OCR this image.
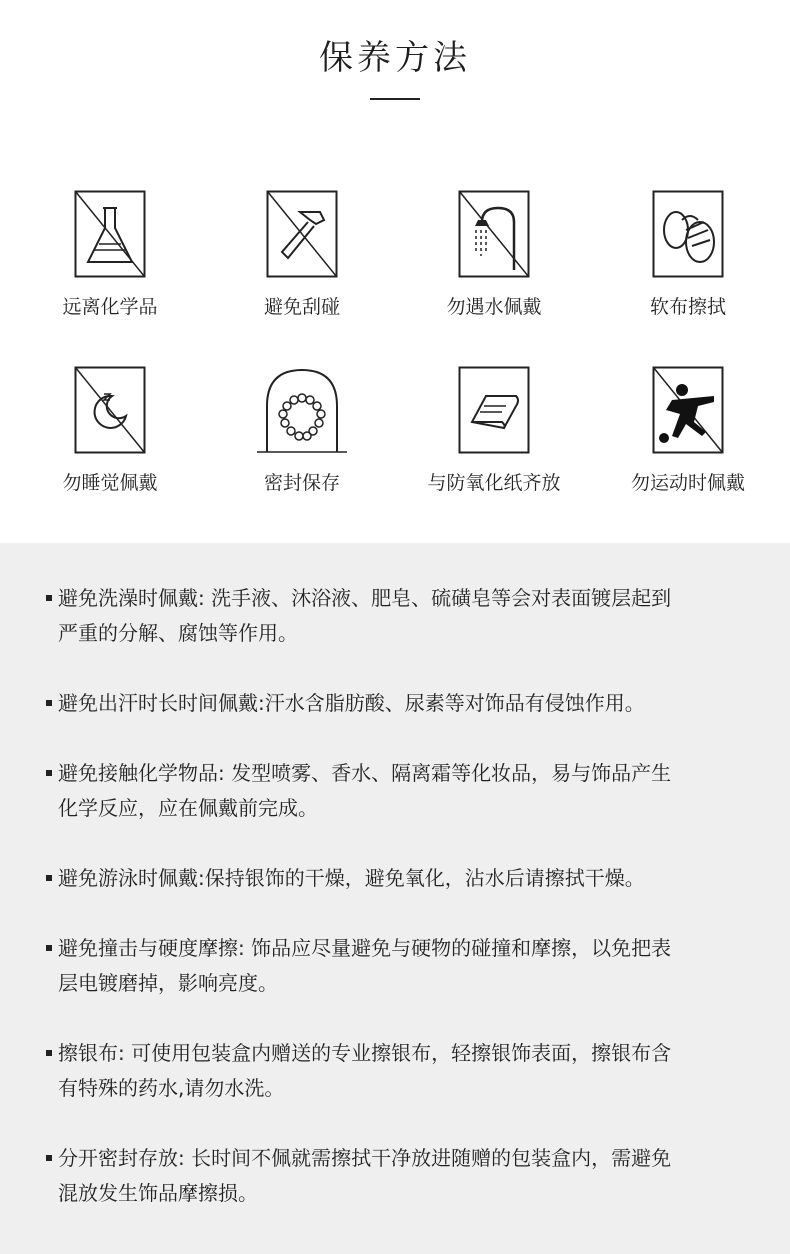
保养方法
远离化学品	避免刮碰	勿遇水佩戴	软布擦拭
勿睡觉佩戴	密封保存	与防氧化纸齐放	勿运动时佩戴
避免洗澡时佩戴: 洗手液、沐浴液、肥皂、硫磺皂等会对表面镀层起到
严重的分解、腐蚀等作用。
避免出汗时长时间佩戴:汗水含脂肪酸、尿素等对饰品有侵蚀作用。
避免接触化学物品: 发型喷雾、香水、隔离霜等化妆品，易与饰品产生
化学反应，应在佩戴前完成。
避免游泳时佩戴:保持银饰的干燥，避免氧化，沾水后请擦拭干燥。
避免撞击与硬度摩擦: 饰品应尽量避免与硬物的碰撞和摩擦，以免把表
层电镀磨掉，影响亮度。
擦银布: 可使用包装盒内赠送的专业擦银布，轻擦银饰表面，擦银布含
有特殊的药水,请勿水洗。
分开密封存放: 长时间不佩就需擦拭干净放进随赠的包装盒内，需避免
混放发生饰品摩擦损。
